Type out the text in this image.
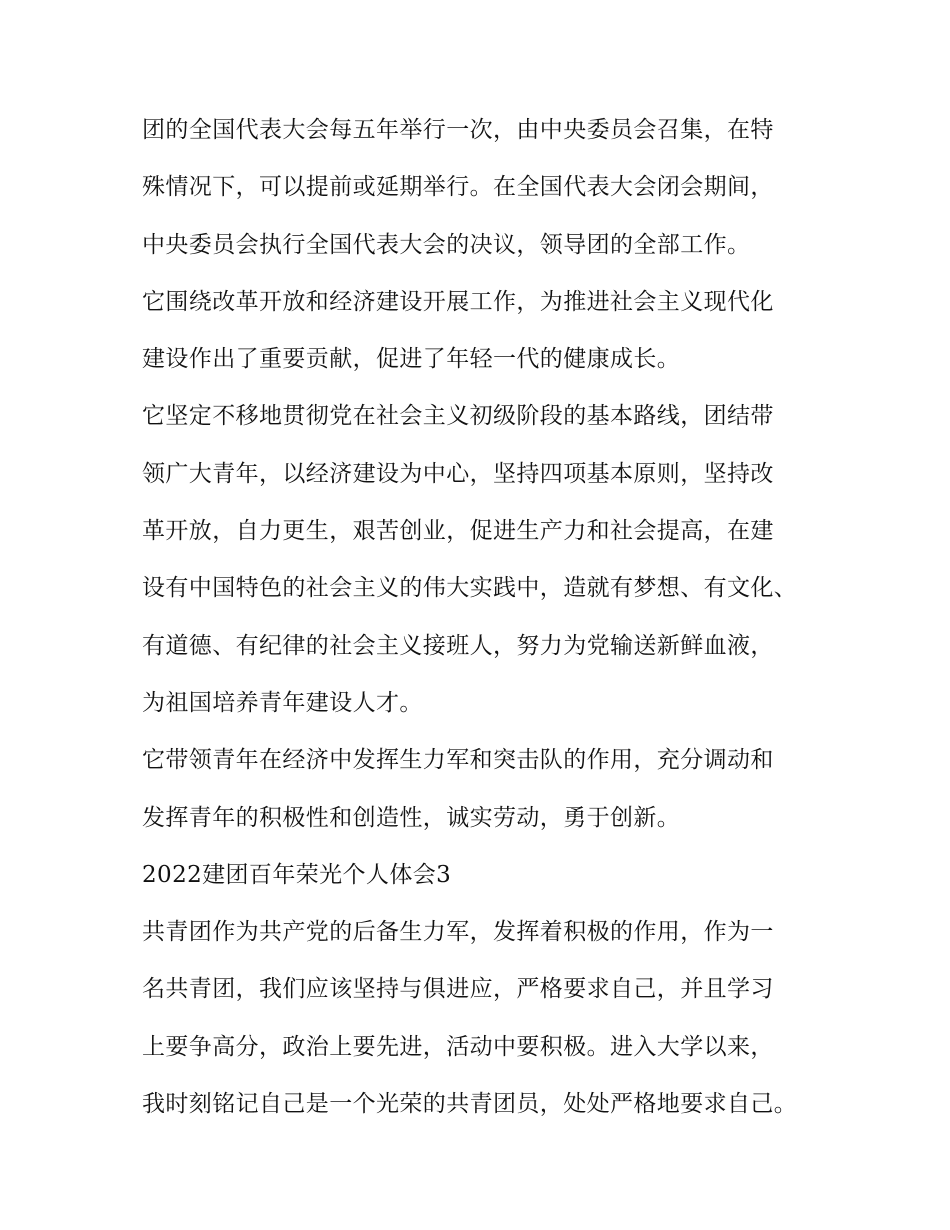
团的全国代表大会每五年举行一次，由中央委员会召集，在特
殊情况下，可以提前或延期举行。在全国代表大会闭会期间，
中央委员会执行全国代表大会的决议，领导团的全部工作。
它围绕改革开放和经济建设开展工作，为推进社会主义现代化
建设作出了重要贡献，促进了年轻一代的健康成长。
它坚定不移地贯彻党在社会主义初级阶段的基本路线，团结带
领广大青年，以经济建设为中心，坚持四项基本原则，坚持改
革开放，自力更生，艰苦创业，促进生产力和社会提高，在建
设有中国特色的社会主义的伟大实践中，造就有梦想、有文化、
有道德、有纪律的社会主义接班人，努力为党输送新鲜血液，
为祖国培养青年建设人才。
它带领青年在经济中发挥生力军和突击队的作用，充分调动和
发挥青年的积极性和创造性，诚实劳动，勇于创新。
2022建团百年荣光个人体会3
共青团作为共产党的后备生力军，发挥着积极的作用，作为一
名共青团，我们应该坚持与俱进应，严格要求自己，并且学习
上要争高分，政治上要先进，活动中要积极。进入大学以来，
我时刻铭记自己是一个光荣的共青团员，处处严格地要求自己。
